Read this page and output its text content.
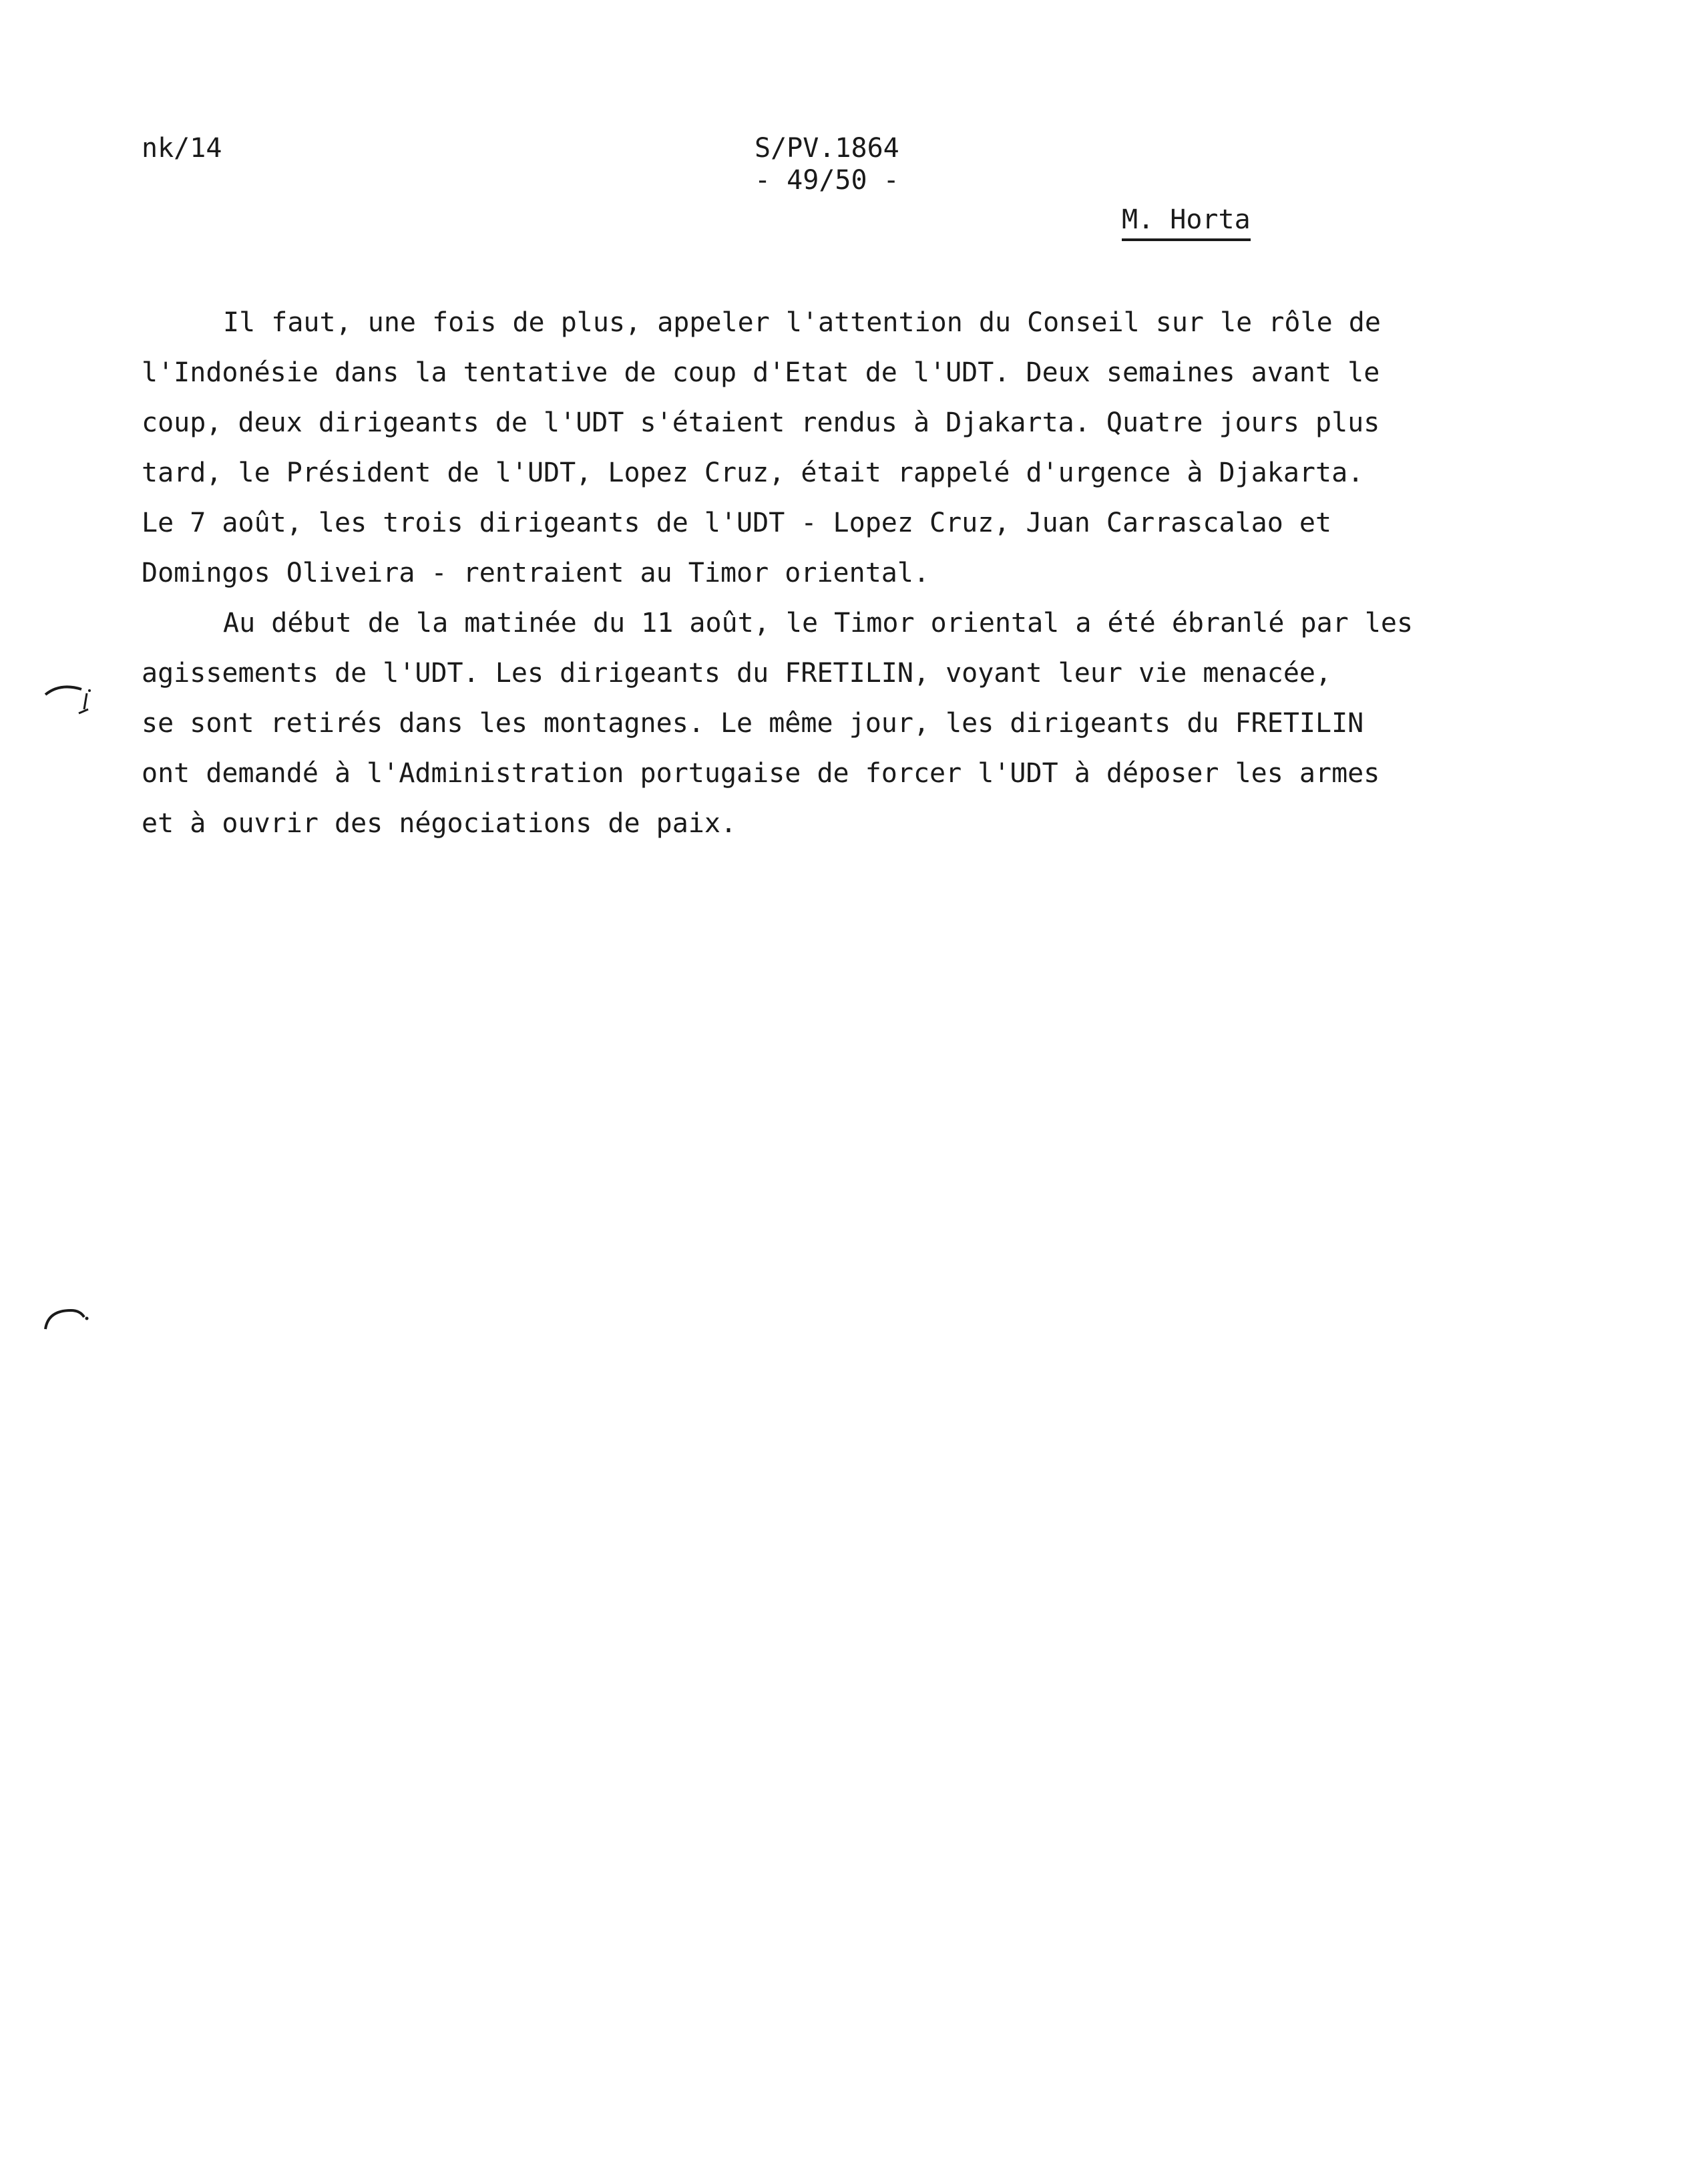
nk/14	S/PV.1864
- 49/50 -
M. Horta
Il faut, une fois de plus, appeler l'attention du Conseil sur le rôle de
l'Indonésie dans la tentative de coup d'Etat de l'UDT. Deux semaines avant le
coup, deux dirigeants de l'UDT s'étaient rendus à Djakarta. Quatre jours plus
tard, le Président de l'UDT, Lopez Cruz, était rappelé d'urgence à Djakarta.
Le 7 août, les trois dirigeants de l'UDT - Lopez Cruz, Juan Carrascalao et
Domingos Oliveira - rentraient au Timor oriental.
Au début de la matinée du 11 août, le Timor oriental a été ébranlé par les
agissements de l'UDT. Les dirigeants du FRETILIN, voyant leur vie menacée,
se sont retirés dans les montagnes. Le même jour, les dirigeants du FRETILIN
ont demandé à l'Administration portugaise de forcer l'UDT à déposer les armes
et à ouvrir des négociations de paix.
